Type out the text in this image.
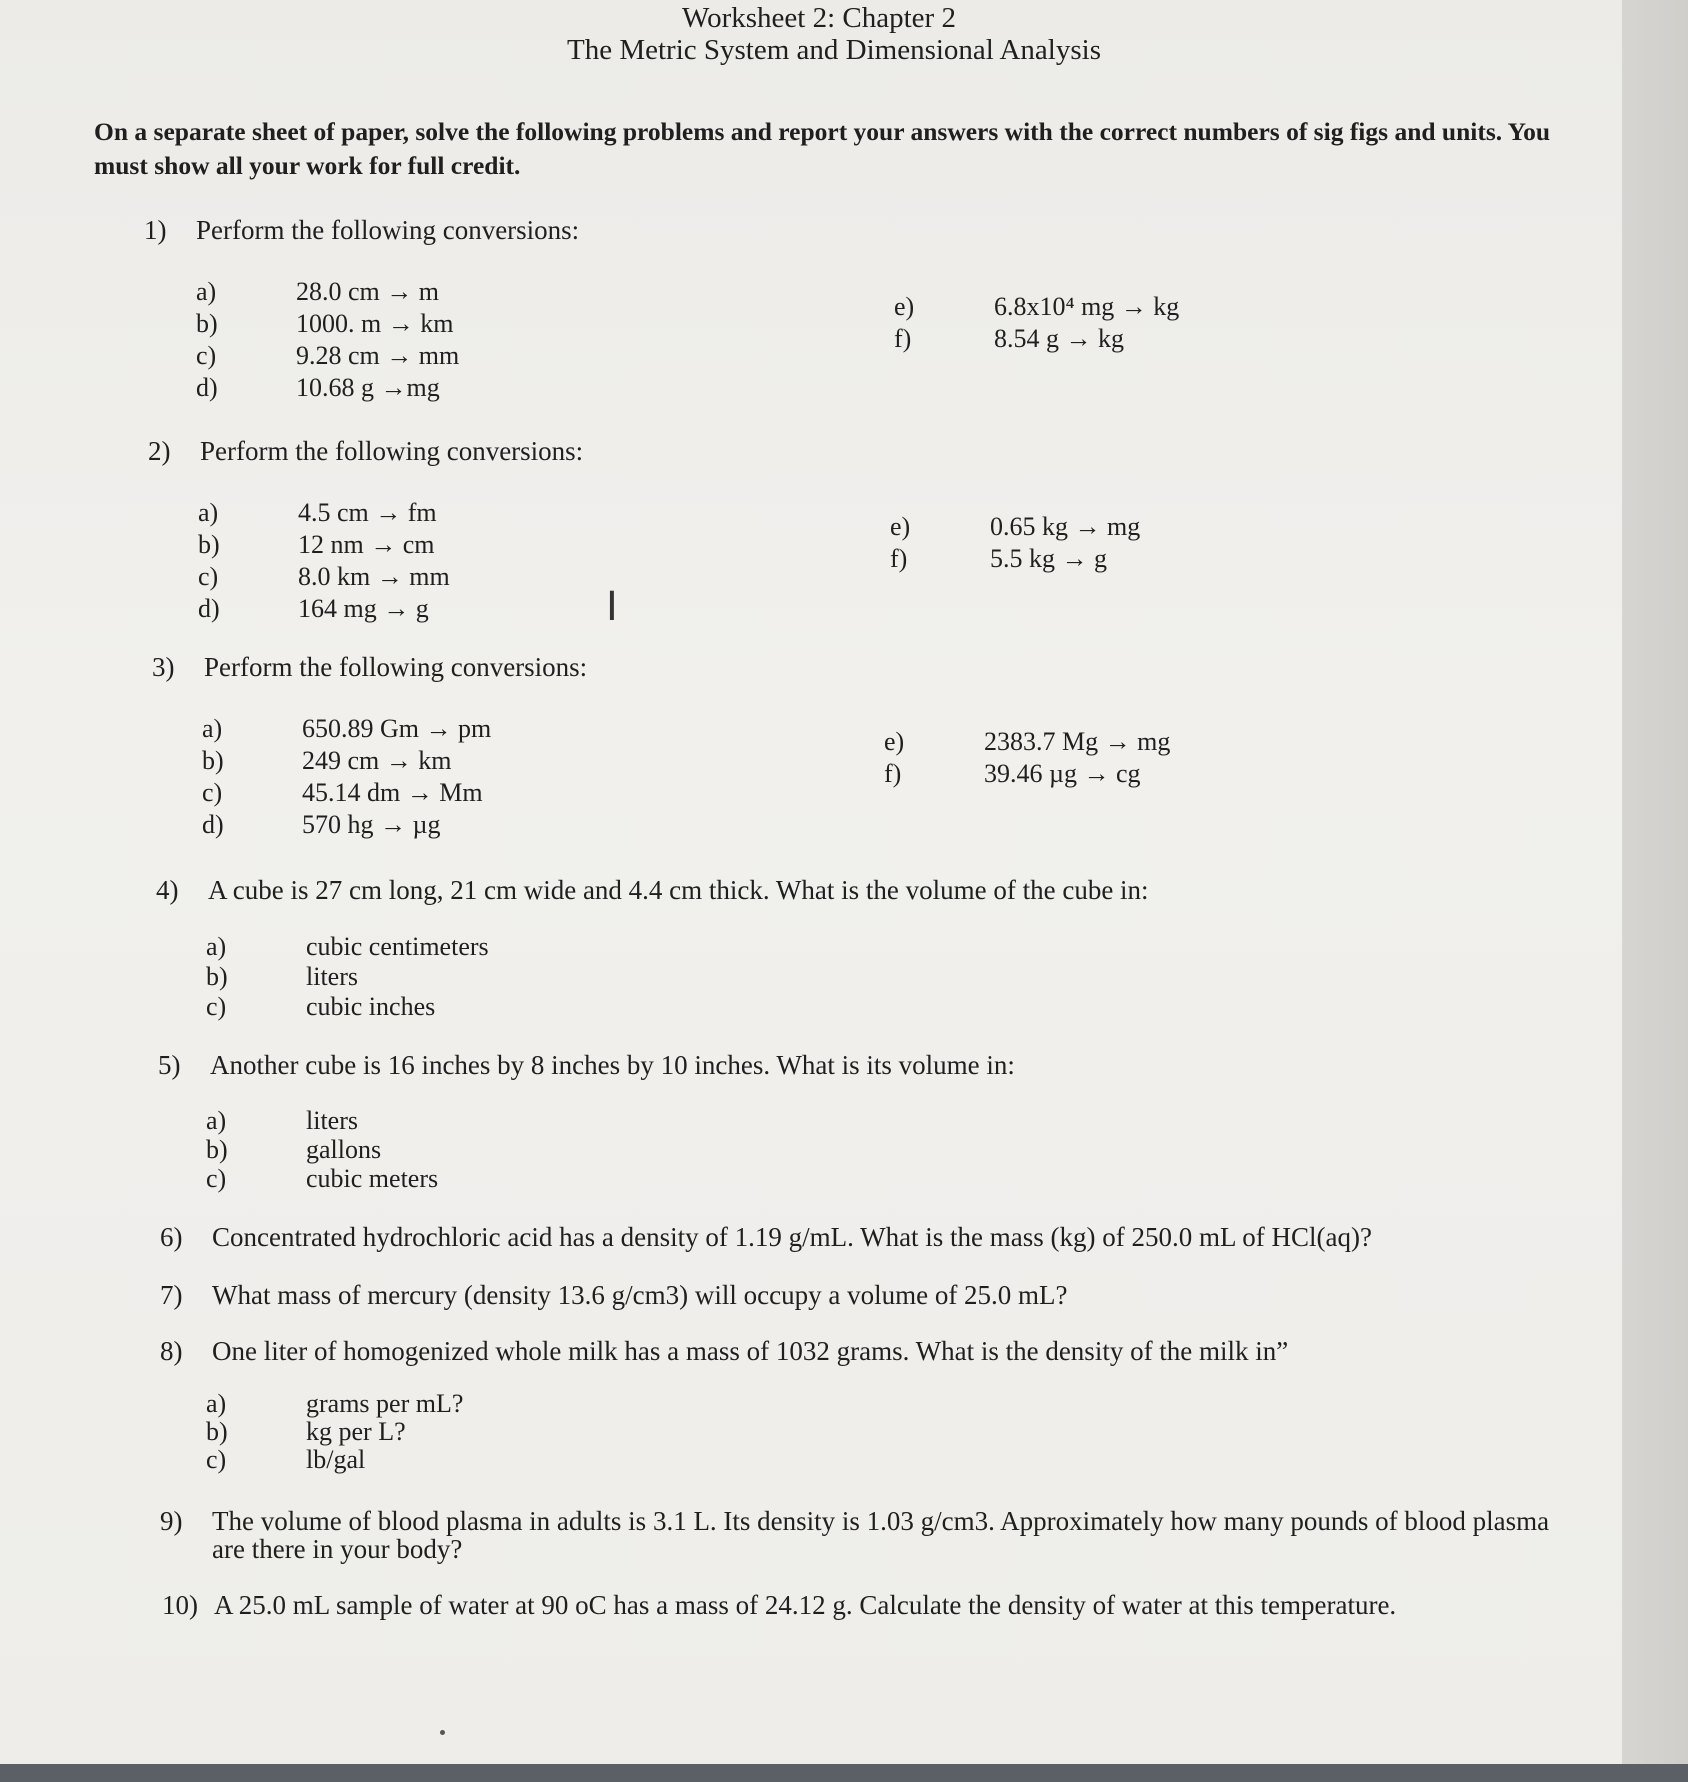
Worksheet 2: Chapter 2
The Metric System and Dimensional Analysis
On a separate sheet of paper, solve the following problems and report your answers with the correct numbers of sig figs and units. You must show all your work for full credit.
1) Perform the following conversions:
a)	28.0 cm → m
b)	1000. m → km
c)	9.28 cm → mm
d)	10.68 g →mg
e)	6.8x10⁴ mg → kg
f)	8.54 g → kg
2) Perform the following conversions:
a)	4.5 cm → fm
b)	12 nm → cm
c)	8.0 km → mm
d)	164 mg → g
e)	0.65 kg → mg
f)	5.5 kg → g
I
3) Perform the following conversions:
a)	650.89 Gm → pm
b)	249 cm → km
c)	45.14 dm → Mm
d)	570 hg → µg
e)	2383.7 Mg → mg
f)	39.46 µg → cg
4) A cube is 27 cm long, 21 cm wide and 4.4 cm thick. What is the volume of the cube in:
a)	cubic centimeters
b)	liters
c)	cubic inches
5) Another cube is 16 inches by 8 inches by 10 inches. What is its volume in:
a)	liters
b)	gallons
c)	cubic meters
6) Concentrated hydrochloric acid has a density of 1.19 g/mL. What is the mass (kg) of 250.0 mL of HCl(aq)?
7) What mass of mercury (density 13.6 g/cm3) will occupy a volume of 25.0 mL?
8) One liter of homogenized whole milk has a mass of 1032 grams. What is the density of the milk in”
a)	grams per mL?
b)	kg per L?
c)	lb/gal
9) The volume of blood plasma in adults is 3.1 L. Its density is 1.03 g/cm3. Approximately how many pounds of blood plasma
are there in your body?
10) A 25.0 mL sample of water at 90 oC has a mass of 24.12 g. Calculate the density of water at this temperature.
